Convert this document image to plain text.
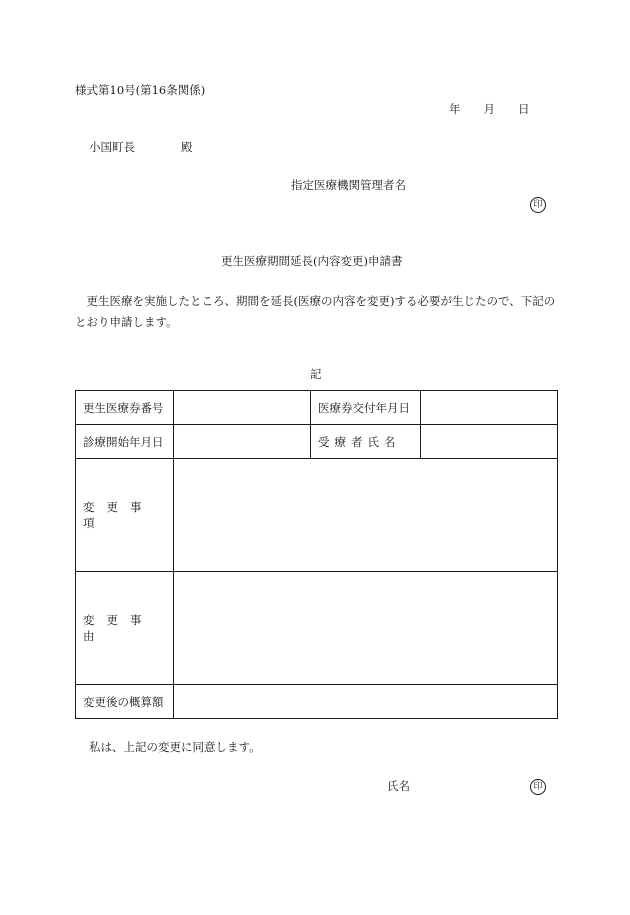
様式第10号(第16条関係)
年　　月　　日
小国町長　　　　殿
指定医療機関管理者名
印
更生医療期間延長(内容変更)申請書
　更生医療を実施したところ、期間を延長(医療の内容を変更)する必要が生じたので、下記のとおり申請します。
記
更生医療券番号		医療券交付年月日	
診療開始年月日		受療者氏名	
変更事項			
変更事由			
変更後の概算額			
私は、上記の変更に同意します。
氏名	印
